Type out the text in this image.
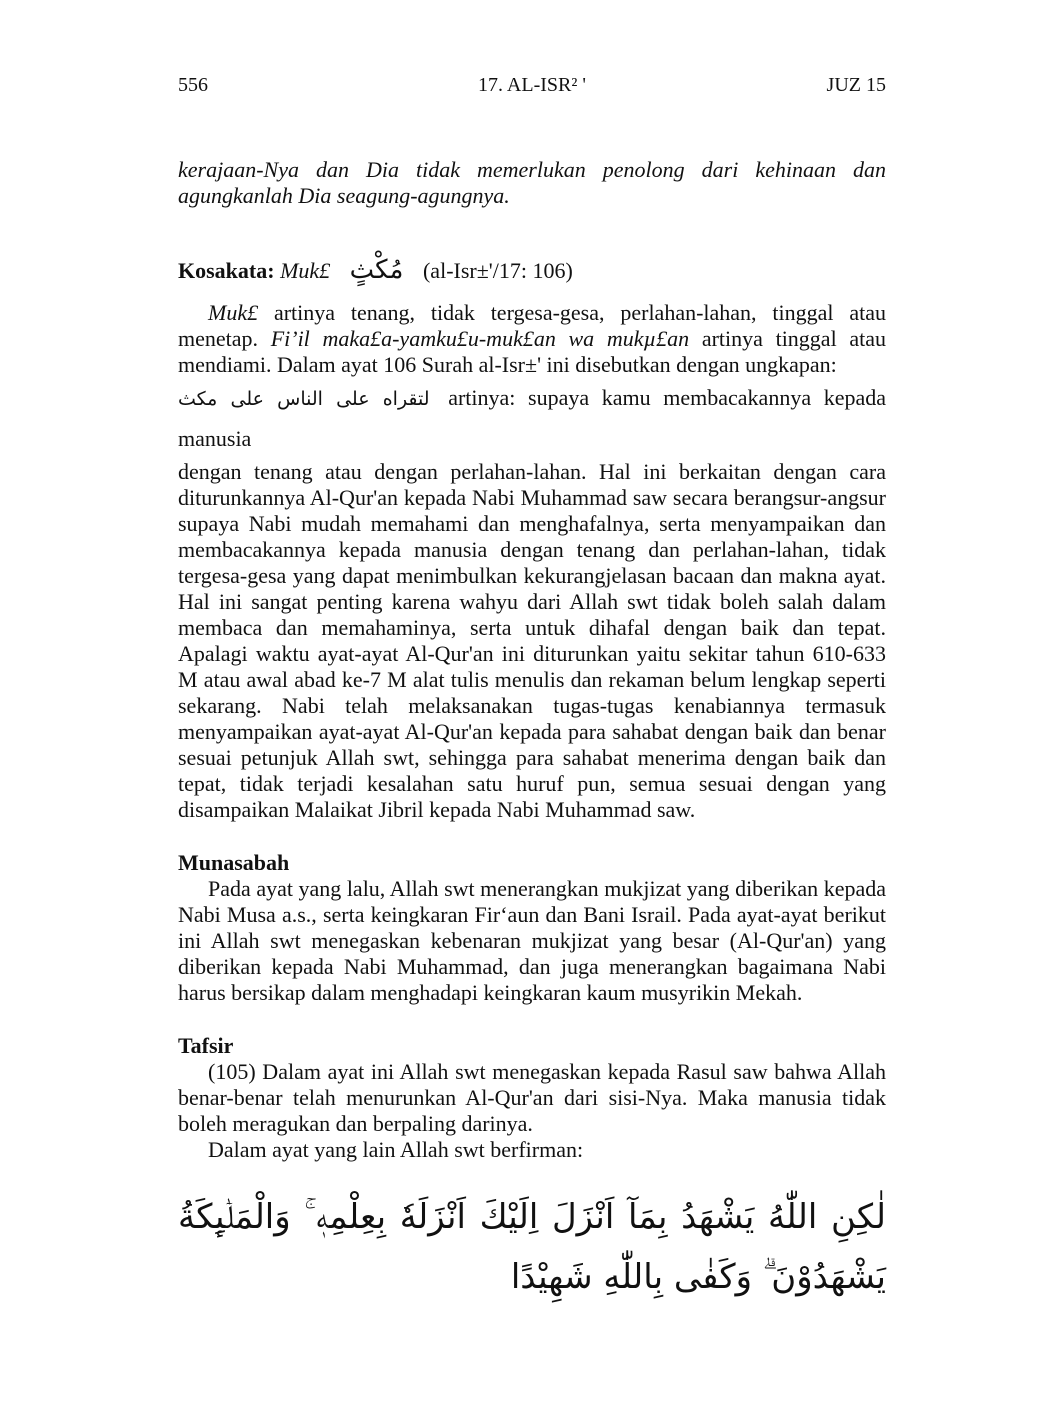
556	17. AL-ISR² '	JUZ 15

kerajaan-Nya dan Dia tidak memerlukan penolong dari kehinaan dan agungkanlah Dia seagung-agungnya.

Kosakata: Muk£ مُكْثٍ (al-Isr±'/17: 106)

Muk£ artinya tenang, tidak tergesa-gesa, perlahan-lahan, tinggal atau menetap. Fi’il maka£a-yamku£u-muk£an wa mukµ£an artinya tinggal atau mendiami. Dalam ayat 106 Surah al-Isr±' ini disebutkan dengan ungkapan:

لتقراه على الناس على مكث artinya: supaya kamu membacakannya kepada manusia

dengan tenang atau dengan perlahan-lahan. Hal ini berkaitan dengan cara diturunkannya Al-Qur'an kepada Nabi Muhammad saw secara berangsur-angsur supaya Nabi mudah memahami dan menghafalnya, serta menyampaikan dan membacakannya kepada manusia dengan tenang dan perlahan-lahan, tidak tergesa-gesa yang dapat menimbulkan kekurangjelasan bacaan dan makna ayat. Hal ini sangat penting karena wahyu dari Allah swt tidak boleh salah dalam membaca dan memahaminya, serta untuk dihafal dengan baik dan tepat. Apalagi waktu ayat-ayat Al-Qur'an ini diturunkan yaitu sekitar tahun 610-633 M atau awal abad ke-7 M alat tulis menulis dan rekaman belum lengkap seperti sekarang. Nabi telah melaksanakan tugas-tugas kenabiannya termasuk menyampaikan ayat-ayat Al-Qur'an kepada para sahabat dengan baik dan benar sesuai petunjuk Allah swt, sehingga para sahabat menerima dengan baik dan tepat, tidak terjadi kesalahan satu huruf pun, semua sesuai dengan yang disampaikan Malaikat Jibril kepada Nabi Muhammad saw.

Munasabah

Pada ayat yang lalu, Allah swt menerangkan mukjizat yang diberikan kepada Nabi Musa a.s., serta keingkaran Fir‘aun dan Bani Israil. Pada ayat-ayat berikut ini Allah swt menegaskan kebenaran mukjizat yang besar (Al-Qur'an) yang diberikan kepada Nabi Muhammad, dan juga menerangkan bagaimana Nabi harus bersikap dalam menghadapi keingkaran kaum musyrikin Mekah.

Tafsir

(105) Dalam ayat ini Allah swt menegaskan kepada Rasul saw bahwa Allah benar-benar telah menurunkan Al-Qur'an dari sisi-Nya. Maka manusia tidak boleh meragukan dan berpaling darinya.

Dalam ayat yang lain Allah swt berfirman:

لٰكِنِ اللّٰهُ يَشْهَدُ بِمَآ اَنْزَلَ اِلَيْكَ اَنْزَلَهٗ بِعِلْمِهٖ ۚ وَالْمَلٰۤىِٕكَةُ يَشْهَدُوْنَ ۗ وَكَفٰى بِاللّٰهِ شَهِيْدًا
